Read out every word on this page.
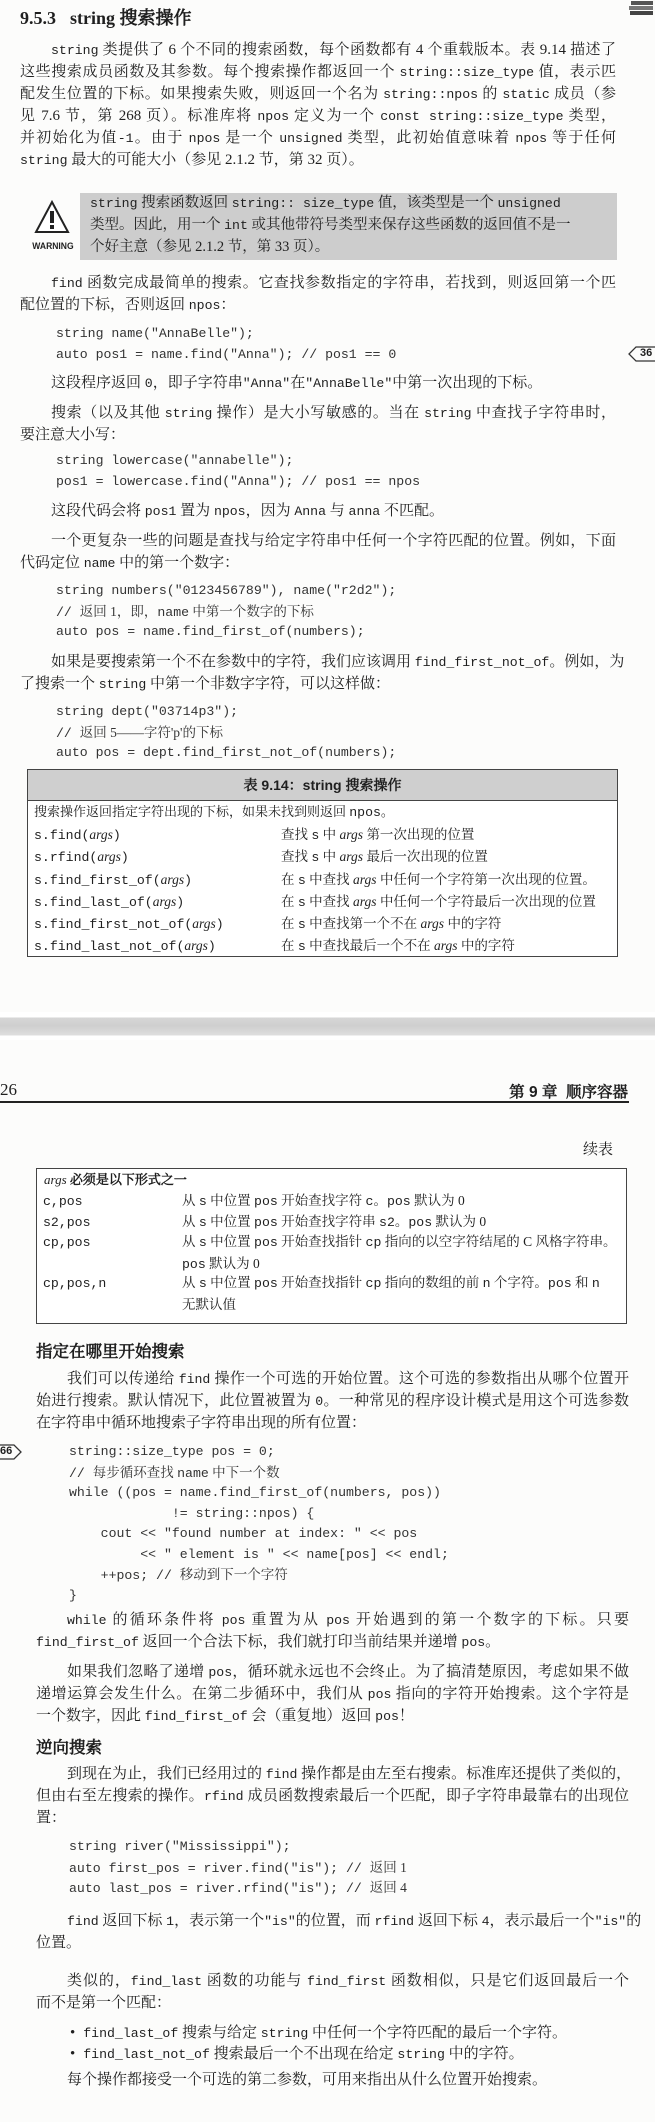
9.5.3 string 搜索操作
string 类提供了 6 个不同的搜索函数，每个函数都有 4 个重载版本。表 9.14 描述了
这些搜索成员函数及其参数。每个搜索操作都返回一个 string::size_type 值，表示匹
配发生位置的下标。如果搜索失败，则返回一个名为 string::npos 的 static 成员（参
见 7.6 节，第 268 页）。标准库将 npos 定义为一个 const string::size_type 类型，
并初始化为值-1。由于 npos 是一个 unsigned 类型，此初始值意味着 npos 等于任何
string 最大的可能大小（参见 2.1.2 节，第 32 页）。
string 搜索函数返回 string:: size_type 值，该类型是一个 unsigned
类型。因此，用一个 int 或其他带符号类型来保存这些函数的返回值不是一
个好主意（参见 2.1.2 节，第 33 页）。
WARNING
find 函数完成最简单的搜索。它查找参数指定的字符串，若找到，则返回第一个匹
配位置的下标，否则返回 npos：
string name("AnnaBelle");
auto pos1 = name.find("Anna"); // pos1 == 0	36
这段程序返回 0，即子字符串"Anna"在"AnnaBelle"中第一次出现的下标。
搜索（以及其他 string 操作）是大小写敏感的。当在 string 中查找子字符串时，
要注意大小写：
string lowercase("annabelle");
pos1 = lowercase.find("Anna"); // pos1 == npos
这段代码会将 pos1 置为 npos，因为 Anna 与 anna 不匹配。
一个更复杂一些的问题是查找与给定字符串中任何一个字符匹配的位置。例如，下面
代码定位 name 中的第一个数字：
string numbers("0123456789"), name("r2d2");
// 返回 1，即，name 中第一个数字的下标
auto pos = name.find_first_of(numbers);
如果是要搜索第一个不在参数中的字符，我们应该调用 find_first_not_of。例如，为
了搜索一个 string 中第一个非数字字符，可以这样做：
string dept("03714p3");
// 返回 5——字符'p'的下标
auto pos = dept.find_first_not_of(numbers);
表 9.14：string 搜索操作
搜索操作返回指定字符出现的下标，如果未找到则返回 npos。
s.find(args)	查找 s 中 args 第一次出现的位置
s.rfind(args)	查找 s 中 args 最后一次出现的位置
s.find_first_of(args)	在 s 中查找 args 中任何一个字符第一次出现的位置。
s.find_last_of(args)	在 s 中查找 args 中任何一个字符最后一次出现的位置
s.find_first_not_of(args)	在 s 中查找第一个不在 args 中的字符
s.find_last_not_of(args)	在 s 中查找最后一个不在 args 中的字符
26	第 9 章  顺序容器
续表
args 必须是以下形式之一
c,pos	从 s 中位置 pos 开始查找字符 c。pos 默认为 0
s2,pos	从 s 中位置 pos 开始查找字符串 s2。pos 默认为 0
cp,pos	从 s 中位置 pos 开始查找指针 cp 指向的以空字符结尾的 C 风格字符串。
pos 默认为 0
cp,pos,n	从 s 中位置 pos 开始查找指针 cp 指向的数组的前 n 个字符。pos 和 n
无默认值
指定在哪里开始搜索
我们可以传递给 find 操作一个可选的开始位置。这个可选的参数指出从哪个位置开
始进行搜索。默认情况下，此位置被置为 0。一种常见的程序设计模式是用这个可选参数
在字符串中循环地搜索子字符串出现的所有位置：
66	string::size_type pos = 0;
// 每步循环查找 name 中下一个数
while ((pos = name.find_first_of(numbers, pos))
!= string::npos) {
cout << "found number at index: " << pos
<< " element is " << name[pos] << endl;
++pos; // 移动到下一个字符
}
while 的循环条件将 pos 重置为从 pos 开始遇到的第一个数字的下标。只要
find_first_of 返回一个合法下标，我们就打印当前结果并递增 pos。
如果我们忽略了递增 pos，循环就永远也不会终止。为了搞清楚原因，考虑如果不做
递增运算会发生什么。在第二步循环中，我们从 pos 指向的字符开始搜索。这个字符是
一个数字，因此 find_first_of 会（重复地）返回 pos！
逆向搜索
到现在为止，我们已经用过的 find 操作都是由左至右搜索。标准库还提供了类似的，
但由右至左搜索的操作。rfind 成员函数搜索最后一个匹配，即子字符串最靠右的出现位
置：
string river("Mississippi");
auto first_pos = river.find("is"); // 返回 1
auto last_pos = river.rfind("is"); // 返回 4
find 返回下标 1，表示第一个"is"的位置，而 rfind 返回下标 4，表示最后一个"is"的
位置。
类似的，find_last 函数的功能与 find_first 函数相似，只是它们返回最后一个
而不是第一个匹配：
• find_last_of 搜索与给定 string 中任何一个字符匹配的最后一个字符。
• find_last_not_of 搜索最后一个不出现在给定 string 中的字符。
每个操作都接受一个可选的第二参数，可用来指出从什么位置开始搜索。
